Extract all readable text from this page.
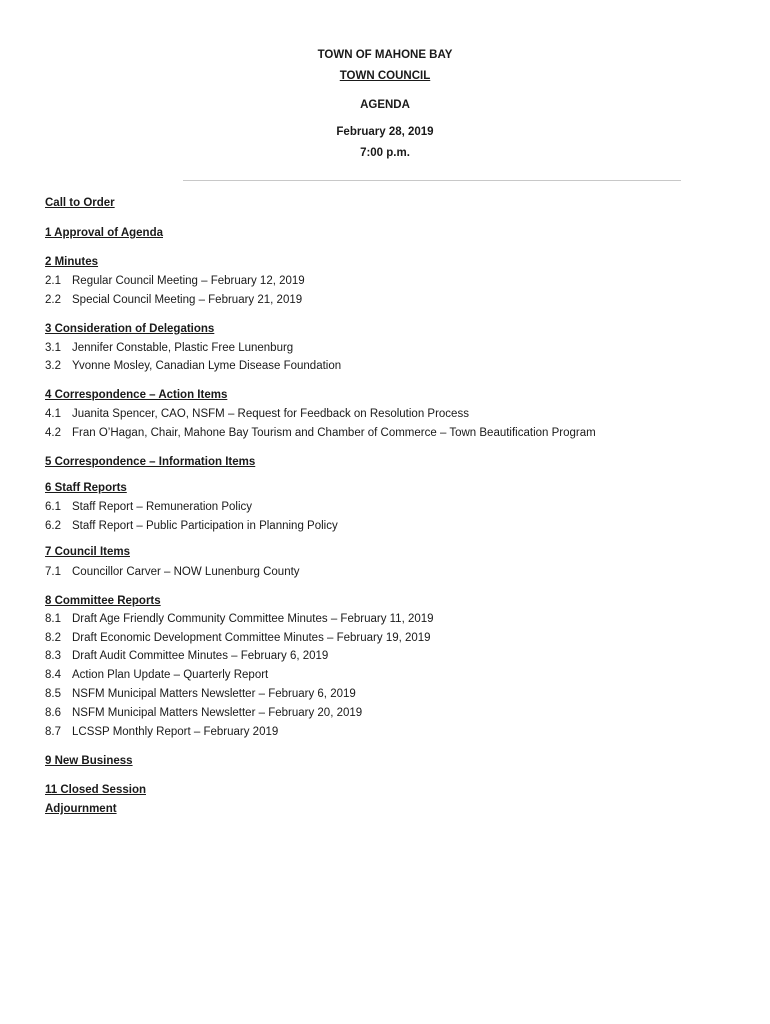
TOWN OF MAHONE BAY
TOWN COUNCIL
AGENDA
February 28, 2019
7:00 p.m.
Call to Order
1 Approval of Agenda
2 Minutes
2.1 Regular Council Meeting – February 12, 2019
2.2 Special Council Meeting – February 21, 2019
3 Consideration of Delegations
3.1 Jennifer Constable, Plastic Free Lunenburg
3.2 Yvonne Mosley, Canadian Lyme Disease Foundation
4 Correspondence – Action Items
4.1 Juanita Spencer, CAO, NSFM – Request for Feedback on Resolution Process
4.2 Fran O’Hagan, Chair, Mahone Bay Tourism and Chamber of Commerce – Town Beautification Program
5 Correspondence – Information Items
6 Staff Reports
6.1 Staff Report – Remuneration Policy
6.2 Staff Report – Public Participation in Planning Policy
7 Council Items
7.1 Councillor Carver – NOW Lunenburg County
8 Committee Reports
8.1 Draft Age Friendly Community Committee Minutes – February 11, 2019
8.2 Draft Economic Development Committee Minutes – February 19, 2019
8.3 Draft Audit Committee Minutes – February 6, 2019
8.4 Action Plan Update – Quarterly Report
8.5 NSFM Municipal Matters Newsletter – February 6, 2019
8.6 NSFM Municipal Matters Newsletter – February 20, 2019
8.7 LCSSP Monthly Report – February 2019
9 New Business
11 Closed Session
Adjournment
